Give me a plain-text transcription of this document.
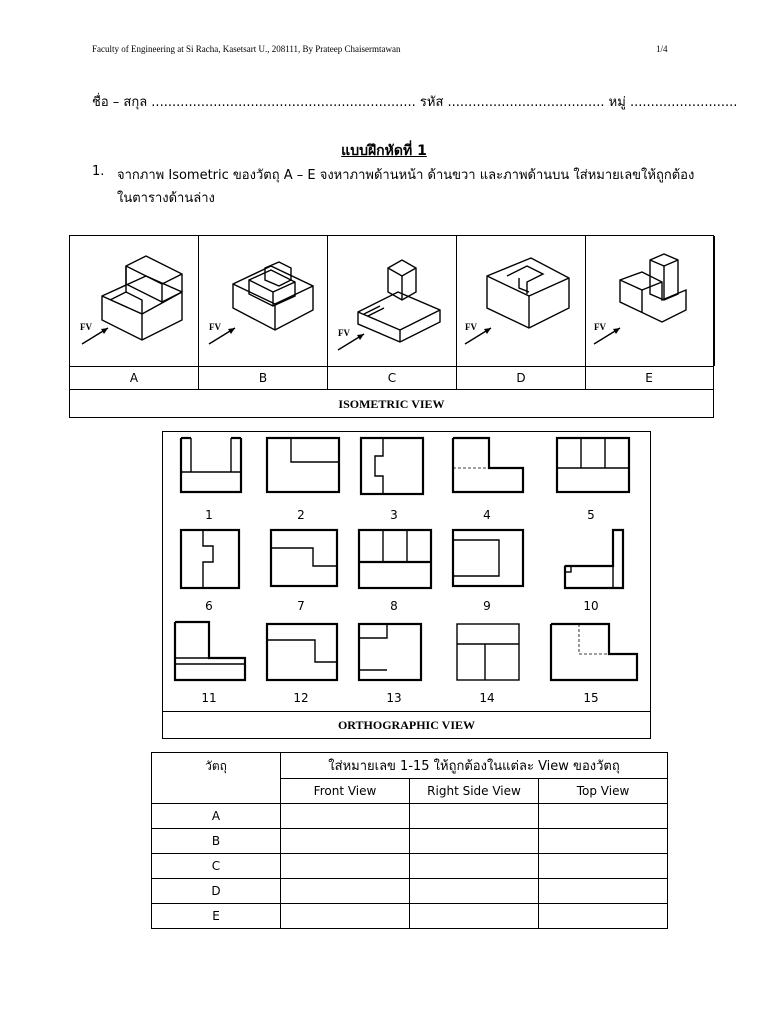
Faculty of Engineering at Si Racha, Kasetsart U., 208111, By Prateep Chaisermtawan	1/4
ชื่อ – สกุล ................................................................ รหัส ...................................... หมู่ ..........................
แบบฝึกหัดที่ 1
1. จากภาพ Isometric ของวัตถุ A – E จงหาภาพด้านหน้า ด้านขวา และภาพด้านบน ใส่หมายเลขให้ถูกต้องในตารางด้านล่าง
FV	FV
FV
FV	FV
A	B	C	D	E
ISOMETRIC VIEW
1	2	3	4	5
6	7	8	9	10
11	12	13	14	15
ORTHOGRAPHIC VIEW
วัตถุ	ใส่หมายเลข 1-15 ให้ถูกต้องในแต่ละ View ของวัตถุ		
	Front View	Right Side View	Top View
A			
B			
C			
D			
E			
